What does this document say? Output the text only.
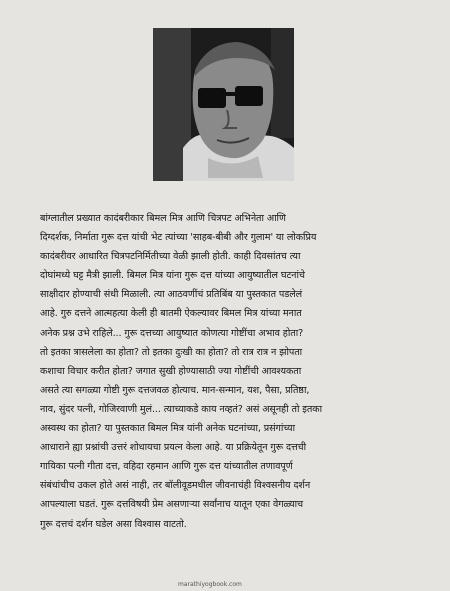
बांग्लातील प्रख्यात कादंबरीकार बिमल मित्र आणि चित्रपट अभिनेता आणि
दिग्दर्शक, निर्माता गुरू दत्त यांची भेट त्यांच्या 'साहब-बीबी और गुलाम' या लोकप्रिय
कादंबरीवर आधारित चित्रपटनिर्मितीच्या वेळी झाली होती. काही दिवसांतच त्या
दोघांमध्ये घट्ट मैत्री झाली. बिमल मित्र यांना गुरू दत्त यांच्या आयुष्यातील घटनांचे
साक्षीदार होण्याची संधी मिळाली. त्या आठवणींचं प्रतिबिंब या पुस्तकात पडलेलं
आहे. गुरु दत्तने आत्महत्या केली ही बातमी ऐकल्यावर बिमल मित्र यांच्या मनात
अनेक प्रश्न उभे राहिले... गुरू दत्तच्या आयुष्यात कोणत्या गोष्टींचा अभाव होता?
तो इतका त्रासलेला का होता? तो इतका दुःखी का होता? तो रात्र रात्र न झोपता
कशाचा विचार करीत होता? जगात सुखी होण्यासाठी ज्या गोष्टींची आवश्यकता
असते त्या सगळ्या गोष्टी गुरू दत्तजवळ होत्याच. मान-सन्मान, यश, पैसा, प्रतिष्ठा,
नाव, सुंदर पत्नी, गोजिरवाणी मुलं... त्याच्याकडे काय नव्हतं? असं असूनही तो इतका
अस्वस्थ का होता? या पुस्तकात बिमल मित्र यांनी अनेक घटनांच्या, प्रसंगांच्या
आधाराने ह्या प्रश्नांची उत्तरं शोधायचा प्रयत्न केला आहे. या प्रक्रियेतून गुरू दत्तची
गायिका पत्नी गीता दत्त, वहिदा रहमान आणि गुरू दत्त यांच्यातील तणावपूर्ण
संबंधांचीच उकल होते असं नाही, तर बॉलीवूडमधील जीवनाचंही विश्वसनीय दर्शन
आपल्याला घडतं. गुरू दत्तविषयी प्रेम असणाऱ्या सर्वांनाच यातून एका वेगळ्याच
गुरू दत्तचं दर्शन घडेल असा विश्वास वाटतो.
marathiyogbook.com
